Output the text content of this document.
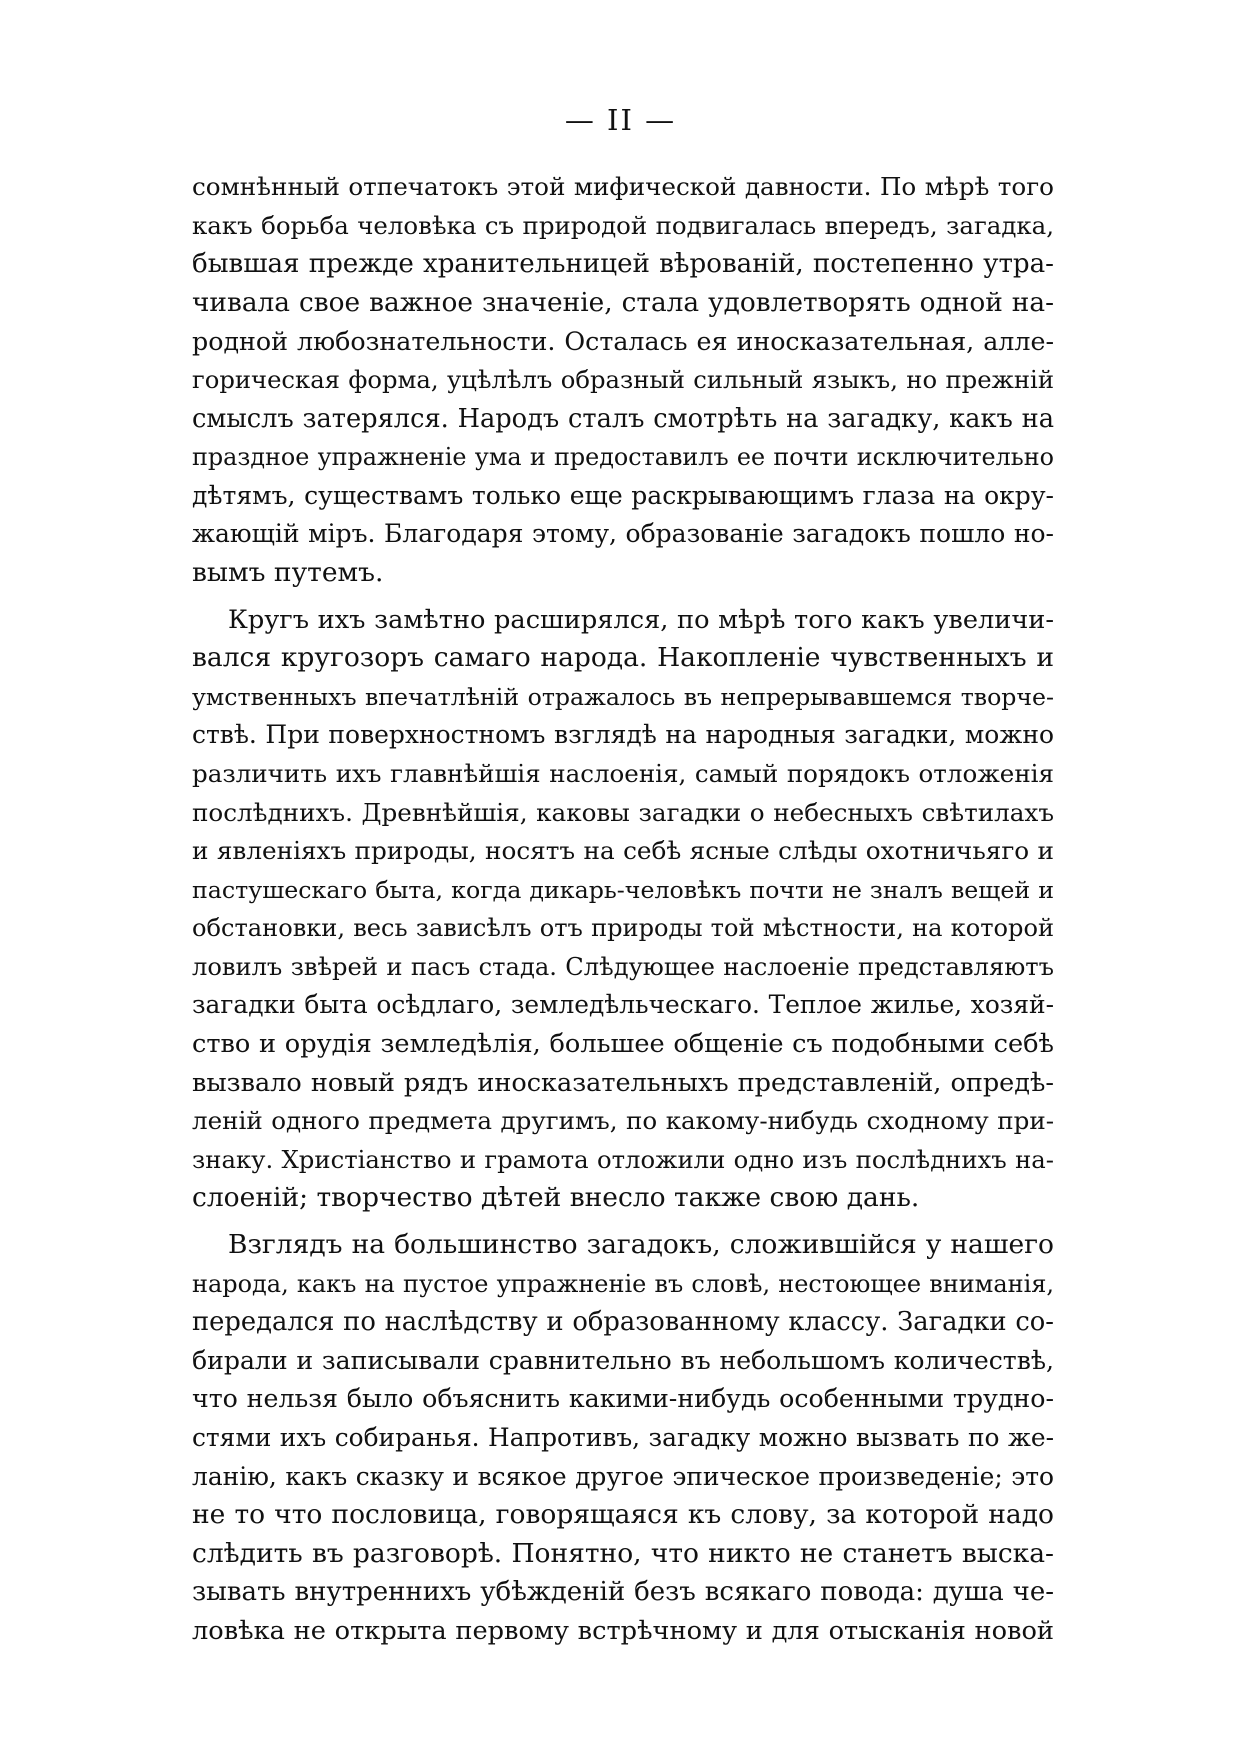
— II —
сомнѣнный отпечатокъ этой мифической давности. По мѣрѣ того
какъ борьба человѣка съ природой подвигалась впередъ, загадка,
бывшая прежде хранительницей вѣрованій, постепенно утра-
чивала свое важное значеніе, стала удовлетворять одной на-
родной любознательности. Осталась ея иносказательная, алле-
горическая форма, уцѣлѣлъ образный сильный языкъ, но прежній
смыслъ затерялся. Народъ сталъ смотрѣть на загадку, какъ на
праздное упражненіе ума и предоставилъ ее почти исключительно
дѣтямъ, существамъ только еще раскрывающимъ глаза на окру-
жающій міръ. Благодаря этому, образованіе загадокъ пошло но-
вымъ путемъ.
Кругъ ихъ замѣтно расширялся, по мѣрѣ того какъ увеличи-
вался кругозоръ самаго народа. Накопленіе чувственныхъ и
умственныхъ впечатлѣній отражалось въ непрерывавшемся творче-
ствѣ. При поверхностномъ взглядѣ на народныя загадки, можно
различить ихъ главнѣйшія наслоенія, самый порядокъ отложенія
послѣднихъ. Древнѣйшія, каковы загадки о небесныхъ свѣтилахъ
и явленіяхъ природы, носятъ на себѣ ясные слѣды охотничьяго и
пастушескаго быта, когда дикарь-человѣкъ почти не зналъ вещей и
обстановки, весь зависѣлъ отъ природы той мѣстности, на которой
ловилъ звѣрей и пасъ стада. Слѣдующее наслоеніе представляютъ
загадки быта осѣдлаго, земледѣльческаго. Теплое жилье, хозяй-
ство и орудія земледѣлія, большее общеніе съ подобными себѣ
вызвало новый рядъ иносказательныхъ представленій, опредѣ-
леній одного предмета другимъ, по какому-нибудь сходному при-
знаку. Христіанство и грамота отложили одно изъ послѣднихъ на-
слоеній; творчество дѣтей внесло также свою дань.
Взглядъ на большинство загадокъ, сложившійся у нашего
народа, какъ на пустое упражненіе въ словѣ, нестоющее вниманія,
передался по наслѣдству и образованному классу. Загадки со-
бирали и записывали сравнительно въ небольшомъ количествѣ,
что нельзя было объяснить какими-нибудь особенными трудно-
стями ихъ собиранья. Напротивъ, загадку можно вызвать по же-
ланію, какъ сказку и всякое другое эпическое произведеніе; это
не то что пословица, говорящаяся къ слову, за которой надо
слѣдить въ разговорѣ. Понятно, что никто не станетъ выска-
зывать внутреннихъ убѣжденій безъ всякаго повода: душа че-
ловѣка не открыта первому встрѣчному и для отысканія новой
